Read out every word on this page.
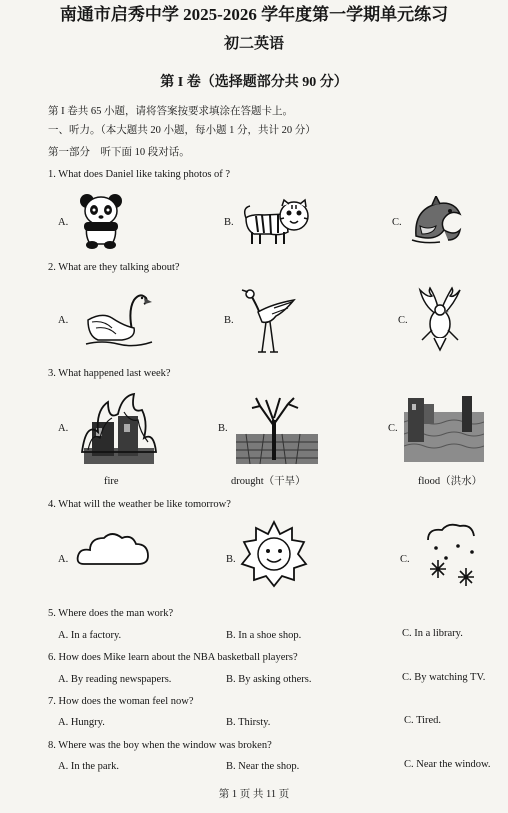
南通市启秀中学 2025-2026 学年度第一学期单元练习
初二英语
第 I 卷（选择题部分共 90 分）
第 I 卷共 65 小题，请将答案按要求填涂在答题卡上。
一、听力。（本大题共 20 小题，每小题 1 分，共计 20 分）
第一部分　听下面 10 段对话。
1. What does Daniel like taking photos of ?
A.	B.	C.
2. What are they talking about?
A.	B.	C.
3. What happened last week?
A.	B.	C.
fire	drought（干旱）	flood（洪水）
4. What will the weather be like tomorrow?
A.	B.	C.
5. Where does the man work?
A. In a factory.	B. In a shoe shop.	C. In a library.
6. How does Mike learn about the NBA basketball players?
A. By reading newspapers.	B. By asking others.	C. By watching TV.
7. How does the woman feel now?
A. Hungry.	B. Thirsty.	C. Tired.
8. Where was the boy when the window was broken?
A. In the park.	B. Near the shop.	C. Near the window.
第 1 页 共 11 页
